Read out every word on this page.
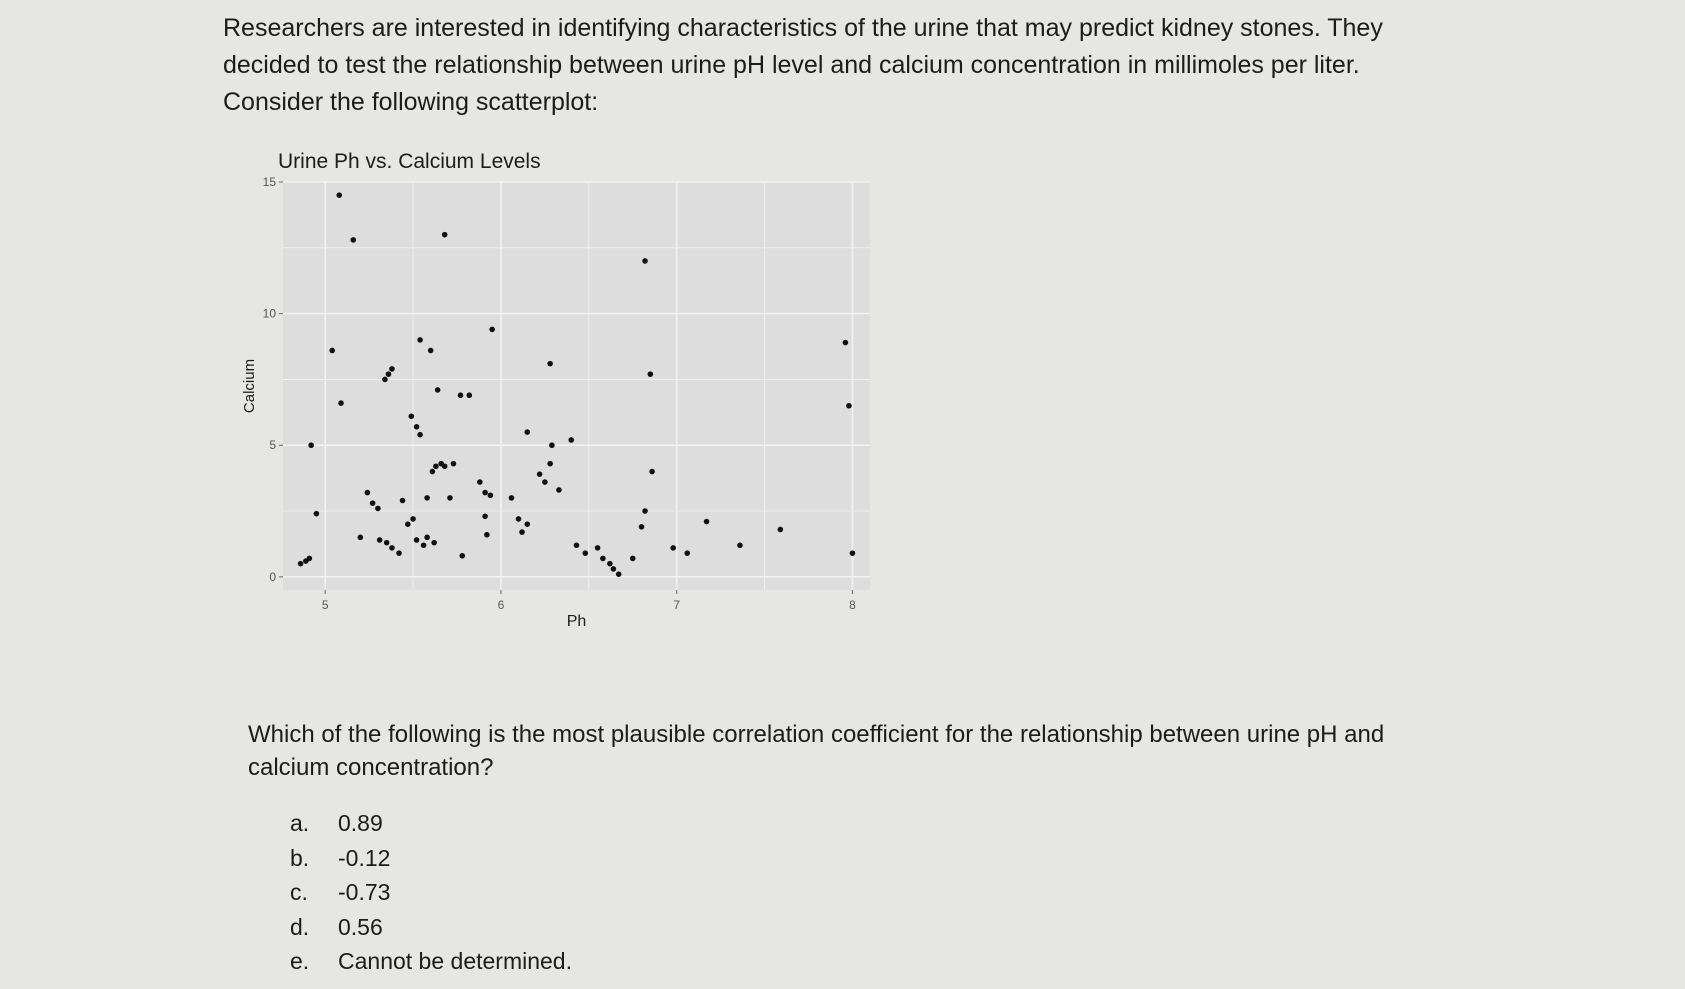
Researchers are interested in identifying characteristics of the urine that may predict kidney stones. They decided to test the relationship between urine pH level and calcium concentration in millimoles per liter. Consider the following scatterplot:

5	6	7	8
0
5
10
15
Urine Ph vs. Calcium Levels
Ph
Calcium

Which of the following is the most plausible correlation coefficient for the relationship between urine pH and calcium concentration?

a. 0.89
b. -0.12
c. -0.73
d. 0.56
e. Cannot be determined.
